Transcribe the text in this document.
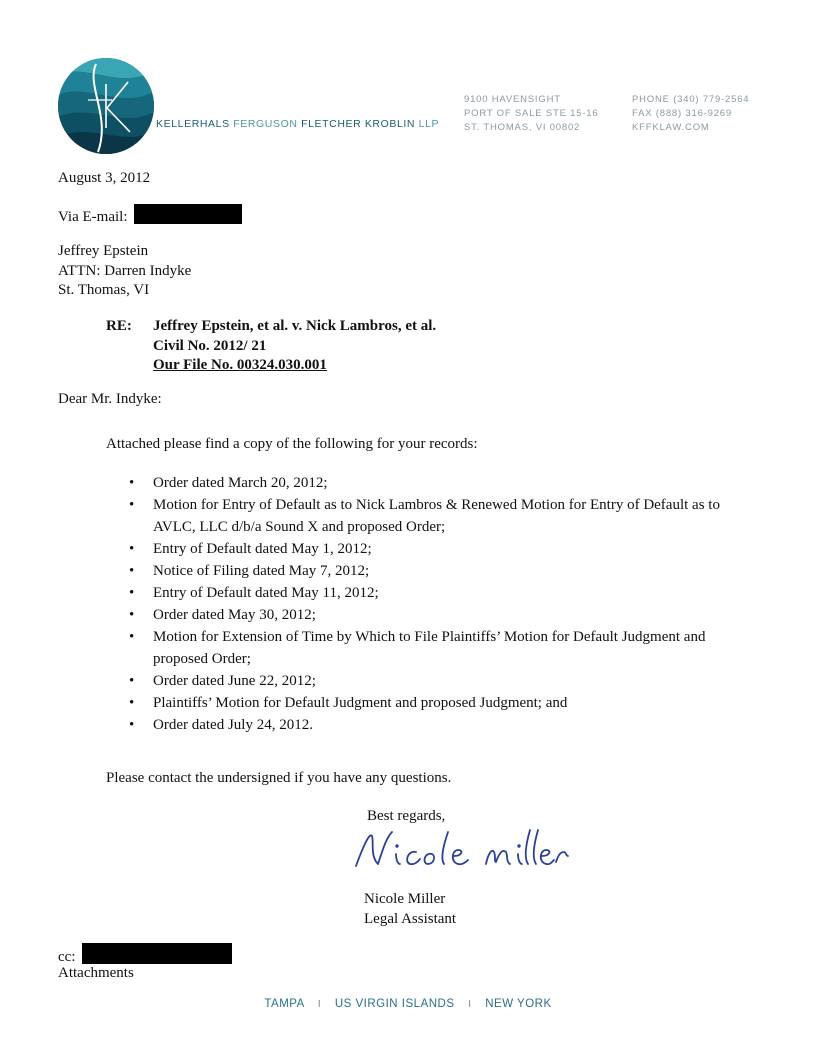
KELLERHALS FERGUSON FLETCHER KROBLIN LLP
9100 HAVENSIGHT
PORT OF SALE STE 15-16
ST. THOMAS, VI 00802
PHONE (340) 779-2564
FAX (888) 316-9269
KFFKLAW.COM
August 3, 2012
Via E-mail:
Jeffrey Epstein
ATTN: Darren Indyke
St. Thomas, VI
RE: Jeffrey Epstein, et al. v. Nick Lambros, et al.
Civil No. 2012/ 21
Our File No. 00324.030.001
Dear Mr. Indyke:
Attached please find a copy of the following for your records:
• Order dated March 20, 2012;
• Motion for Entry of Default as to Nick Lambros & Renewed Motion for Entry of Default as to
AVLC, LLC d/b/a Sound X and proposed Order;
• Entry of Default dated May 1, 2012;
• Notice of Filing dated May 7, 2012;
• Entry of Default dated May 11, 2012;
• Order dated May 30, 2012;
• Motion for Extension of Time by Which to File Plaintiffs’ Motion for Default Judgment and
proposed Order;
• Order dated June 22, 2012;
• Plaintiffs’ Motion for Default Judgment and proposed Judgment; and
• Order dated July 24, 2012.
Please contact the undersigned if you have any questions.
Best regards,
Nicole Miller
Legal Assistant
cc:
Attachments
TAMPA I US VIRGIN ISLANDS I NEW YORK
